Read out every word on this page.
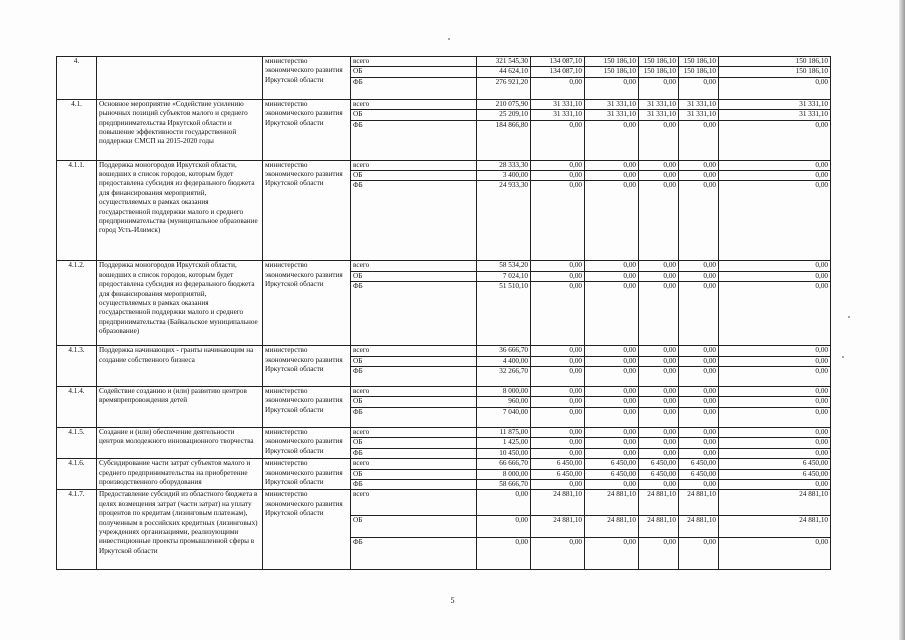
4.		министерство экономического развития Иркутской области	всего	321 545,30	134 087,10	150 186,10	150 186,10	150 186,10	150 186,10	
			ОБ	44 624,10	134 087,10	150 186,10	150 186,10	150 186,10	150 186,10	
			ФБ	276 921,20	0,00	0,00	0,00	0,00	0,00	
4.1.	Основное мероприятие «Содействие усилению рыночных позиций субъектов малого и среднего предпринимательства Иркутской области и повышение эффективности государственной поддержки СМСП на 2015-2020 годы	министерство экономического развития Иркутской области	всего	210 075,90	31 331,10	31 331,10	31 331,10	31 331,10	31 331,10	
			ОБ	25 209,10	31 331,10	31 331,10	31 331,10	31 331,10	31 331,10	
			ФБ	184 866,80	0,00	0,00	0,00	0,00	0,00	
4.1.1.	Поддержка моногородов Иркутской области, вошедших в список городов, которым будет предоставлена субсидия из федерального бюджета для финансирования мероприятий, осуществляемых в рамках оказания государственной поддержки малого и среднего предпринимательства (муниципальное образование город Усть-Илимск)	министерство экономического развития Иркутской области	всего	28 333,30	0,00	0,00	0,00	0,00	0,00	
			ОБ	3 400,00	0,00	0,00	0,00	0,00	0,00	
			ФБ	24 933,30	0,00	0,00	0,00	0,00	0,00	
4.1.2.	Поддержка моногородов Иркутской области, вошедших в список городов, которым будет предоставлена субсидия из федерального бюджета для финансирования мероприятий, осуществляемых в рамках оказания государственной поддержки малого и среднего предпринимательства (Байкальское муниципальное образование)	министерство экономического развития Иркутской области	всего	58 534,20	0,00	0,00	0,00	0,00	0,00	
			ОБ	7 024,10	0,00	0,00	0,00	0,00	0,00	
			ФБ	51 510,10	0,00	0,00	0,00	0,00	0,00	
4.1.3.	Поддержка начинающих - гранты начинающим на создание собственного бизнеса	министерство экономического развития Иркутской области	всего	36 666,70	0,00	0,00	0,00	0,00	0,00	
			ОБ	4 400,00	0,00	0,00	0,00	0,00	0,00	
			ФБ	32 266,70	0,00	0,00	0,00	0,00	0,00	
4.1.4.	Содействие созданию и (или) развитию центров времяпрепровождения детей	министерство экономического развития Иркутской области	всего	8 000,00	0,00	0,00	0,00	0,00	0,00	
			ОБ	960,00	0,00	0,00	0,00	0,00	0,00	
			ФБ	7 040,00	0,00	0,00	0,00	0,00	0,00	
4.1.5.	Создание и (или) обеспечение деятельности центров молодежного инновационного творчества	министерство экономического развития Иркутской области	всего	11 875,00	0,00	0,00	0,00	0,00	0,00	
			ОБ	1 425,00	0,00	0,00	0,00	0,00	0,00	
			ФБ	10 450,00	0,00	0,00	0,00	0,00	0,00	
4.1.6.	Субсидирование части затрат субъектов малого и среднего предпринимательства на приобретение производственного оборудования	министерство экономического развития Иркутской области	всего	66 666,70	6 450,00	6 450,00	6 450,00	6 450,00	6 450,00	
			ОБ	8 000,00	6 450,00	6 450,00	6 450,00	6 450,00	6 450,00	
			ФБ	58 666,70	0,00	0,00	0,00	0,00	0,00	
4.1.7.	Предоставление субсидий из областного бюджета в целях возмещения затрат (части затрат) на уплату процентов по кредитам (лизинговым платежам), полученным в российских кредитных (лизинговых) учреждениях организациями, реализующими инвестиционные проекты промышленной сферы в Иркутской области	министерство экономического развития Иркутской области	всего	0,00	24 881,10	24 881,10	24 881,10	24 881,10	24 881,10	
			ОБ	0,00	24 881,10	24 881,10	24 881,10	24 881,10	24 881,10	
			ФБ	0,00	0,00	0,00	0,00	0,00	0,00	
5
